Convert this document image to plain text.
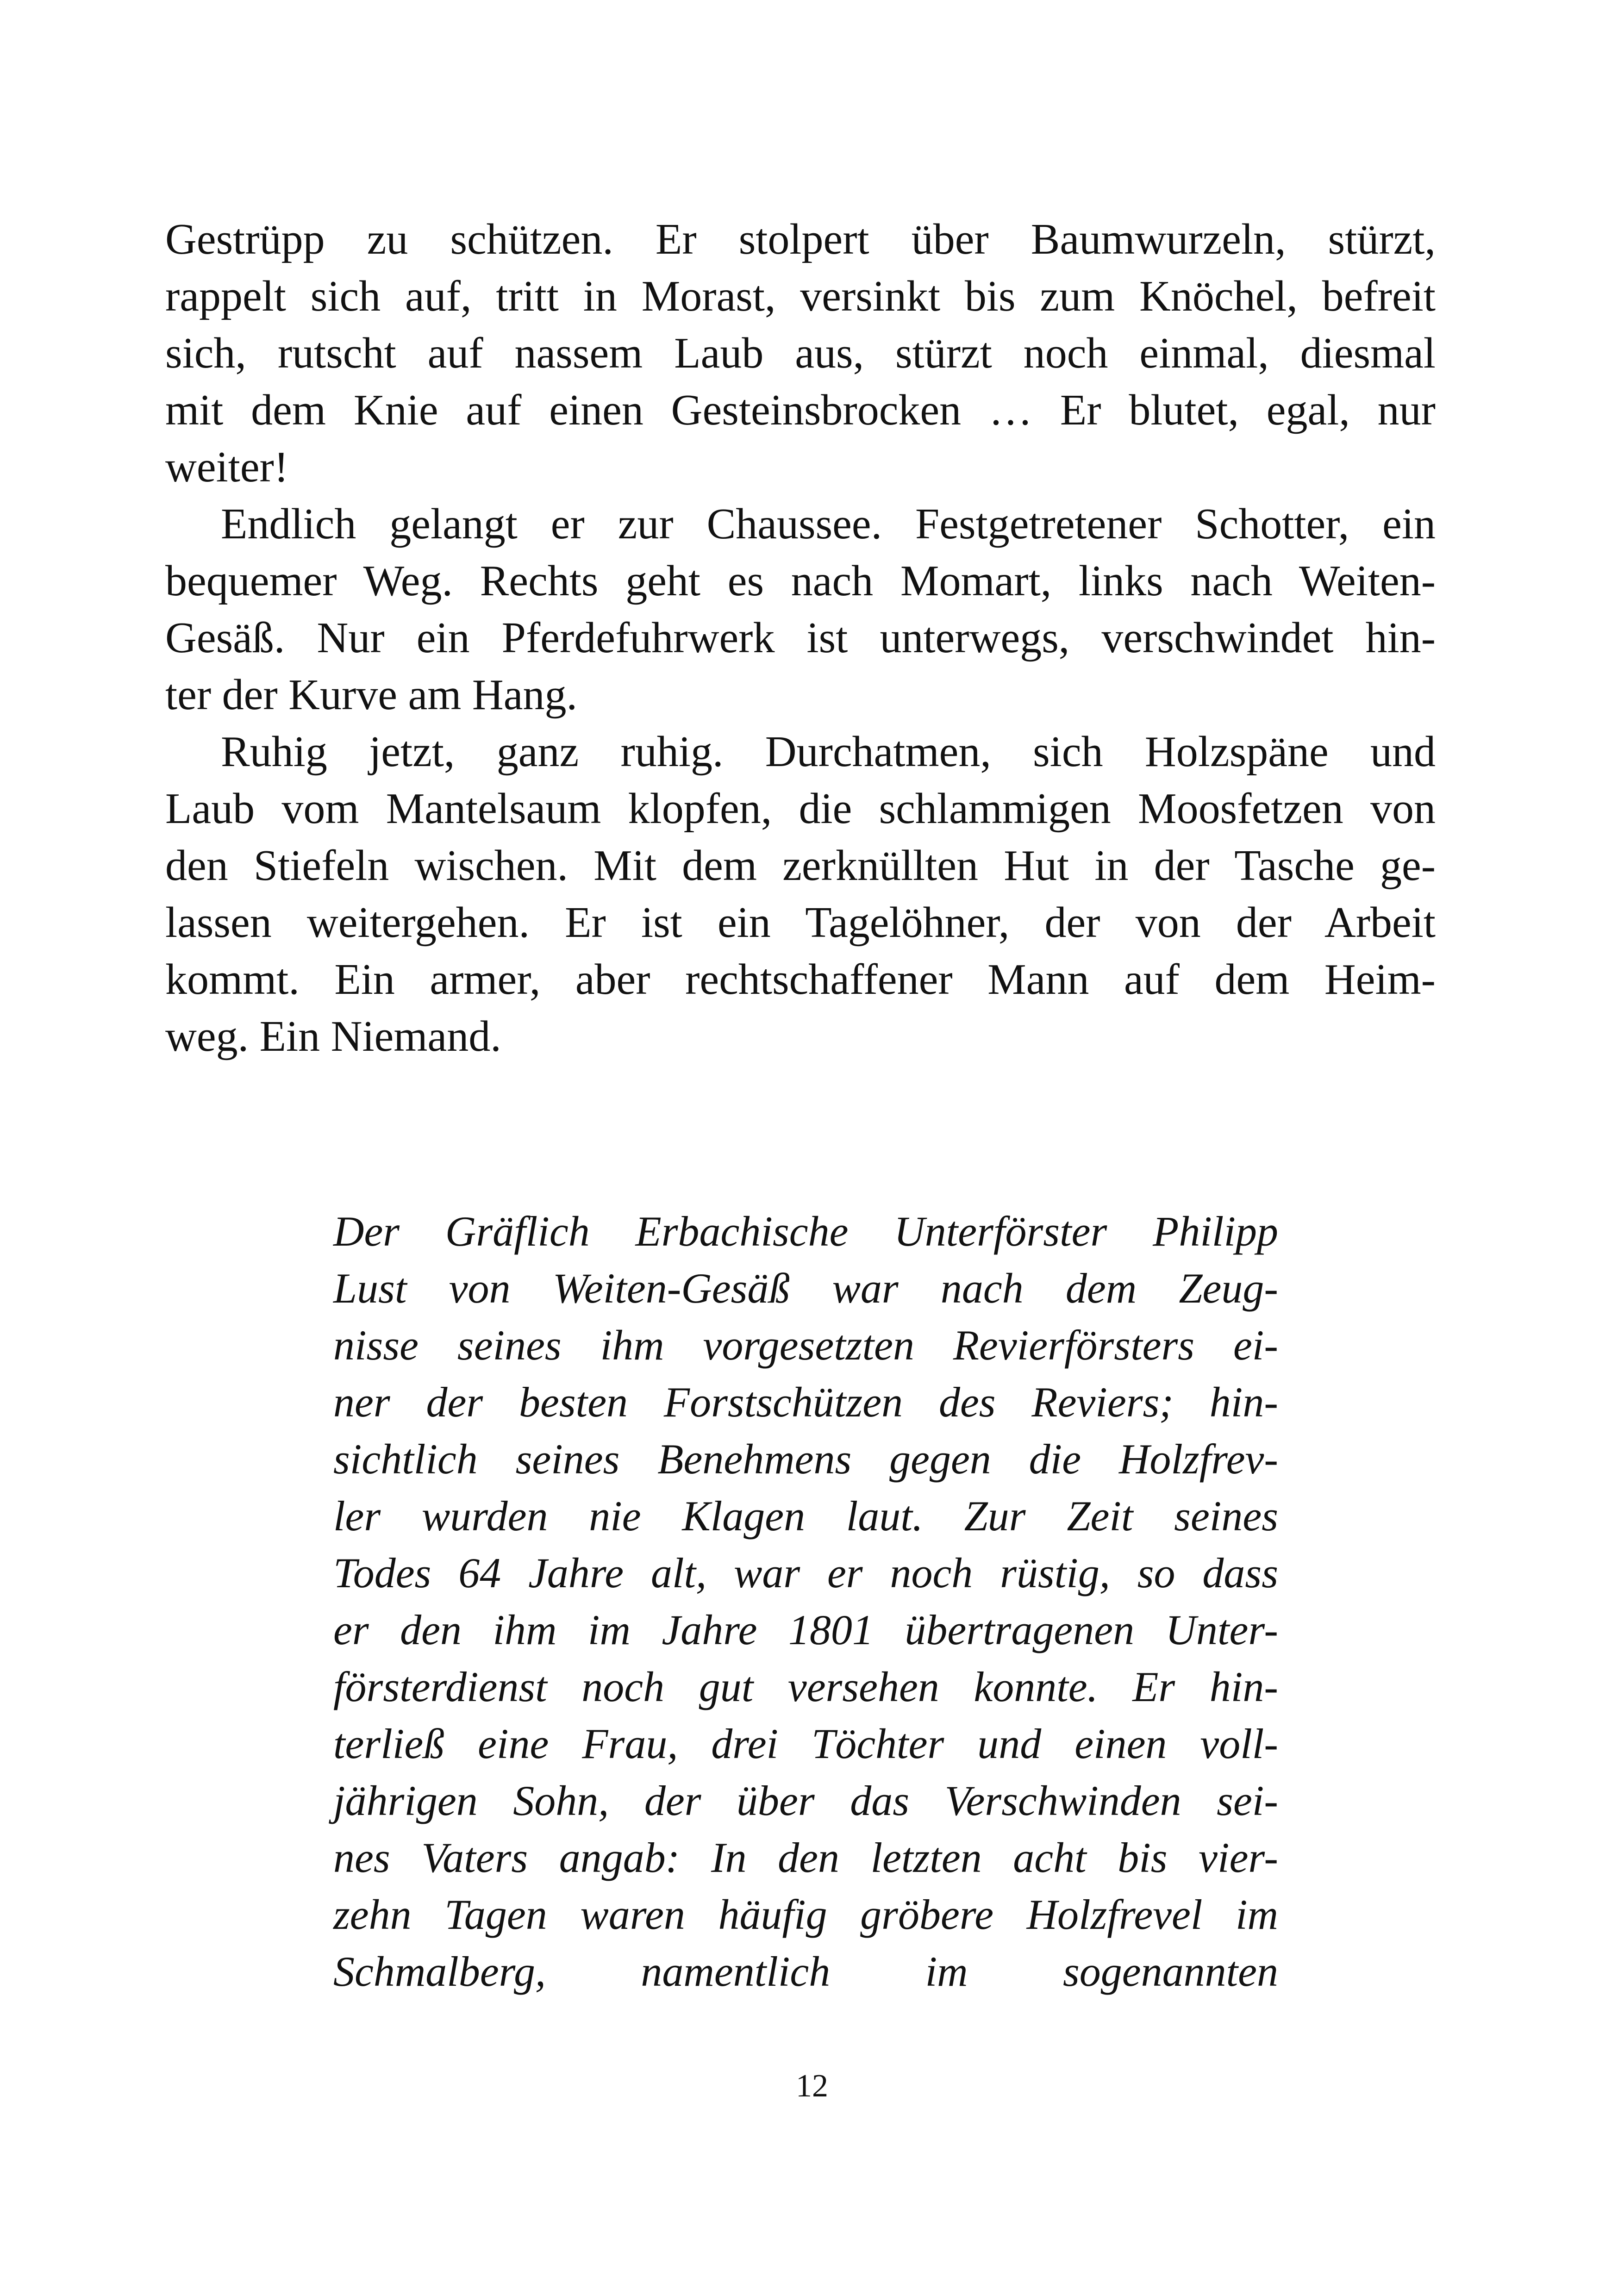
Gestrüpp zu schützen. Er stolpert über Baumwurzeln, stürzt,
rappelt sich auf, tritt in Morast, versinkt bis zum Knöchel, befreit
sich, rutscht auf nassem Laub aus, stürzt noch einmal, diesmal
mit dem Knie auf einen Gesteinsbrocken … Er blutet, egal, nur
weiter!
Endlich gelangt er zur Chaussee. Festgetretener Schotter, ein
bequemer Weg. Rechts geht es nach Momart, links nach Weiten-
Gesäß. Nur ein Pferdefuhrwerk ist unterwegs, verschwindet hin-
ter der Kurve am Hang.
Ruhig jetzt, ganz ruhig. Durchatmen, sich Holzspäne und
Laub vom Mantelsaum klopfen, die schlammigen Moosfetzen von
den Stiefeln wischen. Mit dem zerknüllten Hut in der Tasche ge-
lassen weitergehen. Er ist ein Tagelöhner, der von der Arbeit
kommt. Ein armer, aber rechtschaffener Mann auf dem Heim-
weg. Ein Niemand.
Der Gräflich Erbachische Unterförster Philipp
Lust von Weiten-Gesäß war nach dem Zeug-
nisse seines ihm vorgesetzten Revierförsters ei-
ner der besten Forstschützen des Reviers; hin-
sichtlich seines Benehmens gegen die Holzfrev-
ler wurden nie Klagen laut. Zur Zeit seines
Todes 64 Jahre alt, war er noch rüstig, so dass
er den ihm im Jahre 1801 übertragenen Unter-
försterdienst noch gut versehen konnte. Er hin-
terließ eine Frau, drei Töchter und einen voll-
jährigen Sohn, der über das Verschwinden sei-
nes Vaters angab: In den letzten acht bis vier-
zehn Tagen waren häufig gröbere Holzfrevel im
Schmalberg, namentlich im sogenannten
12
